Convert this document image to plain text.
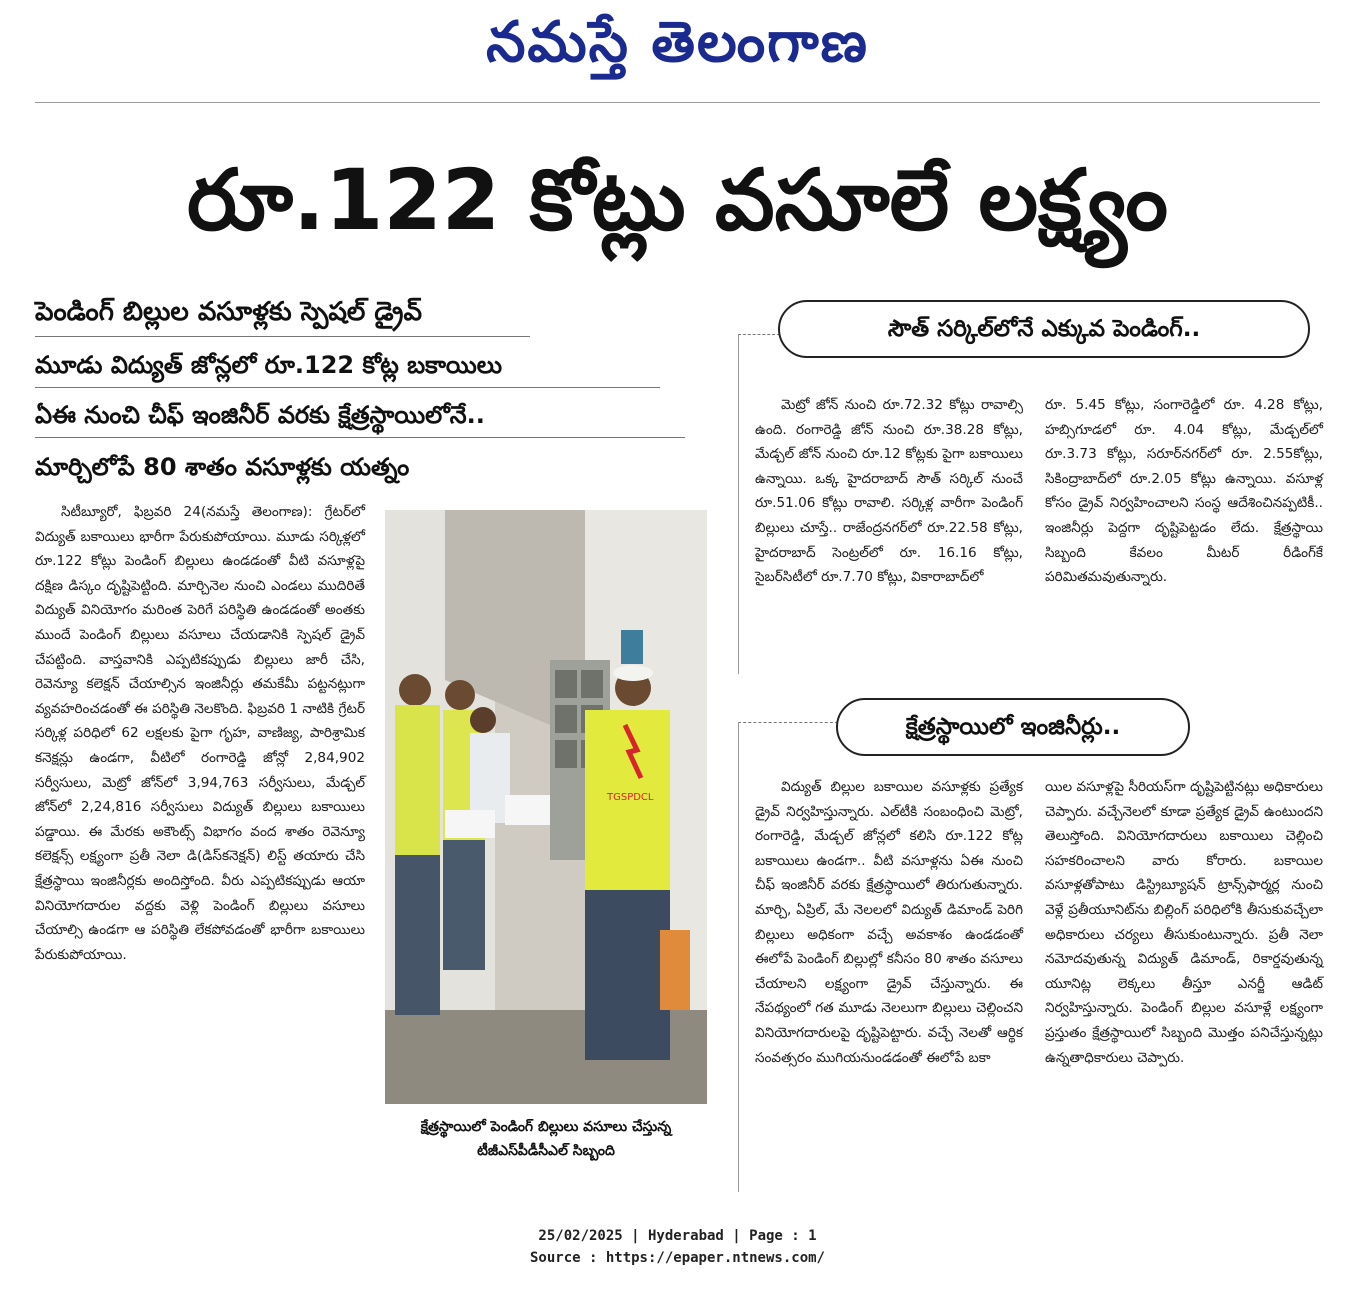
నమస్తే తెలంగాణ
రూ.122 కోట్లు వసూలే లక్ష్యం
పెండింగ్ బిల్లుల వసూళ్లకు స్పెషల్ డ్రైవ్
మూడు విద్యుత్ జోన్లలో రూ.122 కోట్ల బకాయిలు
ఏఈ నుంచి చీఫ్ ఇంజినీర్ వరకు క్షేత్రస్థాయిలోనే..
మార్చిలోపే 80 శాతం వసూళ్లకు యత్నం

సిటీబ్యూరో, ఫిబ్రవరి 24(నమస్తే తెలంగాణ): గ్రేటర్‌లో విద్యుత్ బకాయిలు భారీగా పేరుకుపోయాయి. మూడు సర్కిళ్లలో రూ.122 కోట్లు పెండింగ్ బిల్లులు ఉండడంతో వీటి వసూళ్లపై దక్షిణ డిస్కం దృష్టిపెట్టింది. మార్చినెల నుంచి ఎండలు ముదిరితే విద్యుత్ వినియోగం మరింత పెరిగే పరిస్థితి ఉండడంతో అంతకు ముందే పెండింగ్ బిల్లులు వసూలు చేయడానికి స్పెషల్ డ్రైవ్ చేపట్టింది. వాస్తవానికి ఎప్పటికప్పుడు బిల్లులు జారీ చేసి, రెవెన్యూ కలెక్షన్ చేయాల్సిన ఇంజినీర్లు తమకేమీ పట్టనట్లుగా వ్యవహరించడంతో ఈ పరిస్థితి నెలకొంది. ఫిబ్రవరి 1 నాటికి గ్రేటర్ సర్కిళ్ల పరిధిలో 62 లక్షలకు పైగా గృహ, వాణిజ్య, పారిశ్రామిక కనెక్షన్లు ఉండగా, వీటిలో రంగారెడ్డి జోన్లో 2,84,902 సర్వీసులు, మెట్రో జోన్‌లో 3,94,763 సర్వీసులు, మేడ్చల్ జోన్‌లో 2,24,816 సర్వీసులు విద్యుత్ బిల్లులు బకాయిలు పడ్డాయి. ఈ మేరకు అకౌంట్స్ విభాగం వంద శాతం రెవెన్యూ కలెక్షన్స్ లక్ష్యంగా ప్రతీ నెలా డి(డిస్‌కనెక్షన్) లిస్ట్ తయారు చేసి క్షేత్రస్థాయి ఇంజినీర్లకు అందిస్తోంది. వీరు ఎప్పటికప్పుడు ఆయా వినియోగదారుల వద్దకు వెళ్లి పెండింగ్ బిల్లులు వసూలు చేయాల్సి ఉండగా ఆ పరిస్థితి లేకపోవడంతో భారీగా బకాయిలు పేరుకుపోయాయి.

TGSPDCL
క్షేత్రస్థాయిలో పెండింగ్ బిల్లులు వసూలు చేస్తున్న టీజీఎస్‌పీడీసీఎల్ సిబ్బంది
సౌత్ సర్కిల్‌లోనే ఎక్కువ పెండింగ్..

మెట్రో జోన్ నుంచి రూ.72.32 కోట్లు రావాల్సి ఉంది. రంగారెడ్డి జోన్ నుంచి రూ.38.28 కోట్లు, మేడ్చల్ జోన్ నుంచి రూ.12 కోట్లకు పైగా బకాయిలు ఉన్నాయి. ఒక్క హైదరాబాద్ సౌత్ సర్కిల్ నుంచే రూ.51.06 కోట్లు రావాలి. సర్కిళ్ల వారీగా పెండింగ్ బిల్లులు చూస్తే.. రాజేంద్రనగర్‌లో రూ.22.58 కోట్లు, హైదరాబాద్ సెంట్రల్‌లో రూ. 16.16 కోట్లు, సైబర్‌సిటీలో రూ.7.70 కోట్లు, వికారాబాద్‌లో

రూ. 5.45 కోట్లు, సంగారెడ్డిలో రూ. 4.28 కోట్లు, హబ్సిగూడలో రూ. 4.04 కోట్లు, మేడ్చల్‌లో రూ.3.73 కోట్లు, సరూర్‌నగర్‌లో రూ. 2.55కోట్లు, సికింద్రాబాద్‌లో రూ.2.05 కోట్లు ఉన్నాయి. వసూళ్ల కోసం డ్రైవ్ నిర్వహించాలని సంస్థ ఆదేశించినప్పటికీ.. ఇంజినీర్లు పెద్దగా దృష్టిపెట్టడం లేదు. క్షేత్రస్థాయి సిబ్బంది కేవలం మీటర్ రీడింగ్‌కే పరిమితమవుతున్నారు.

క్షేత్రస్థాయిలో ఇంజినీర్లు..

విద్యుత్ బిల్లుల బకాయిల వసూళ్లకు ప్రత్యేక డ్రైవ్ నిర్వహిస్తున్నారు. ఎల్‌టీకి సంబంధించి మెట్రో, రంగారెడ్డి, మేడ్చల్ జోన్లలో కలిసి రూ.122 కోట్ల బకాయిలు ఉండగా.. వీటి వసూళ్లను ఏఈ నుంచి చీఫ్ ఇంజినీర్ వరకు క్షేత్రస్థాయిలో తిరుగుతున్నారు. మార్చి, ఏప్రిల్, మే నెలలలో విద్యుత్ డిమాండ్ పెరిగి బిల్లులు అధికంగా వచ్చే అవకాశం ఉండడంతో ఈలోపే పెండింగ్ బిల్లుల్లో కనీసం 80 శాతం వసూలు చేయాలని లక్ష్యంగా డ్రైవ్ చేస్తున్నారు. ఈ నేపథ్యంలో గత మూడు నెలలుగా బిల్లులు చెల్లించని వినియోగదారులపై దృష్టిపెట్టారు. వచ్చే నెలతో ఆర్థిక సంవత్సరం ముగియనుండడంతో ఈలోపే బకా

యిల వసూళ్లపై సీరియస్‌గా దృష్టిపెట్టినట్లు అధికారులు చెప్పారు. వచ్చేనెలలో కూడా ప్రత్యేక డ్రైవ్ ఉంటుందని తెలుస్తోంది. వినియోగదారులు బకాయిలు చెల్లించి సహకరించాలని వారు కోరారు. బకాయిల వసూళ్లతోపాటు డిస్ట్రిబ్యూషన్ ట్రాన్స్‌ఫార్మర్ల నుంచి వెళ్లే ప్రతీయూనిట్‌ను బిల్లింగ్ పరిధిలోకి తీసుకువచ్చేలా అధికారులు చర్యలు తీసుకుంటున్నారు. ప్రతీ నెలా నమోదవుతున్న విద్యుత్ డిమాండ్, రికార్డవుతున్న యూనిట్ల లెక్కలు తీస్తూ ఎనర్జీ ఆడిట్ నిర్వహిస్తున్నారు. పెండింగ్ బిల్లుల వసూళ్లే లక్ష్యంగా ప్రస్తుతం క్షేత్రస్థాయిలో సిబ్బంది మొత్తం పనిచేస్తున్నట్లు ఉన్నతాధికారులు చెప్పారు.

25/02/2025 | Hyderabad | Page : 1
Source : https://epaper.ntnews.com/
